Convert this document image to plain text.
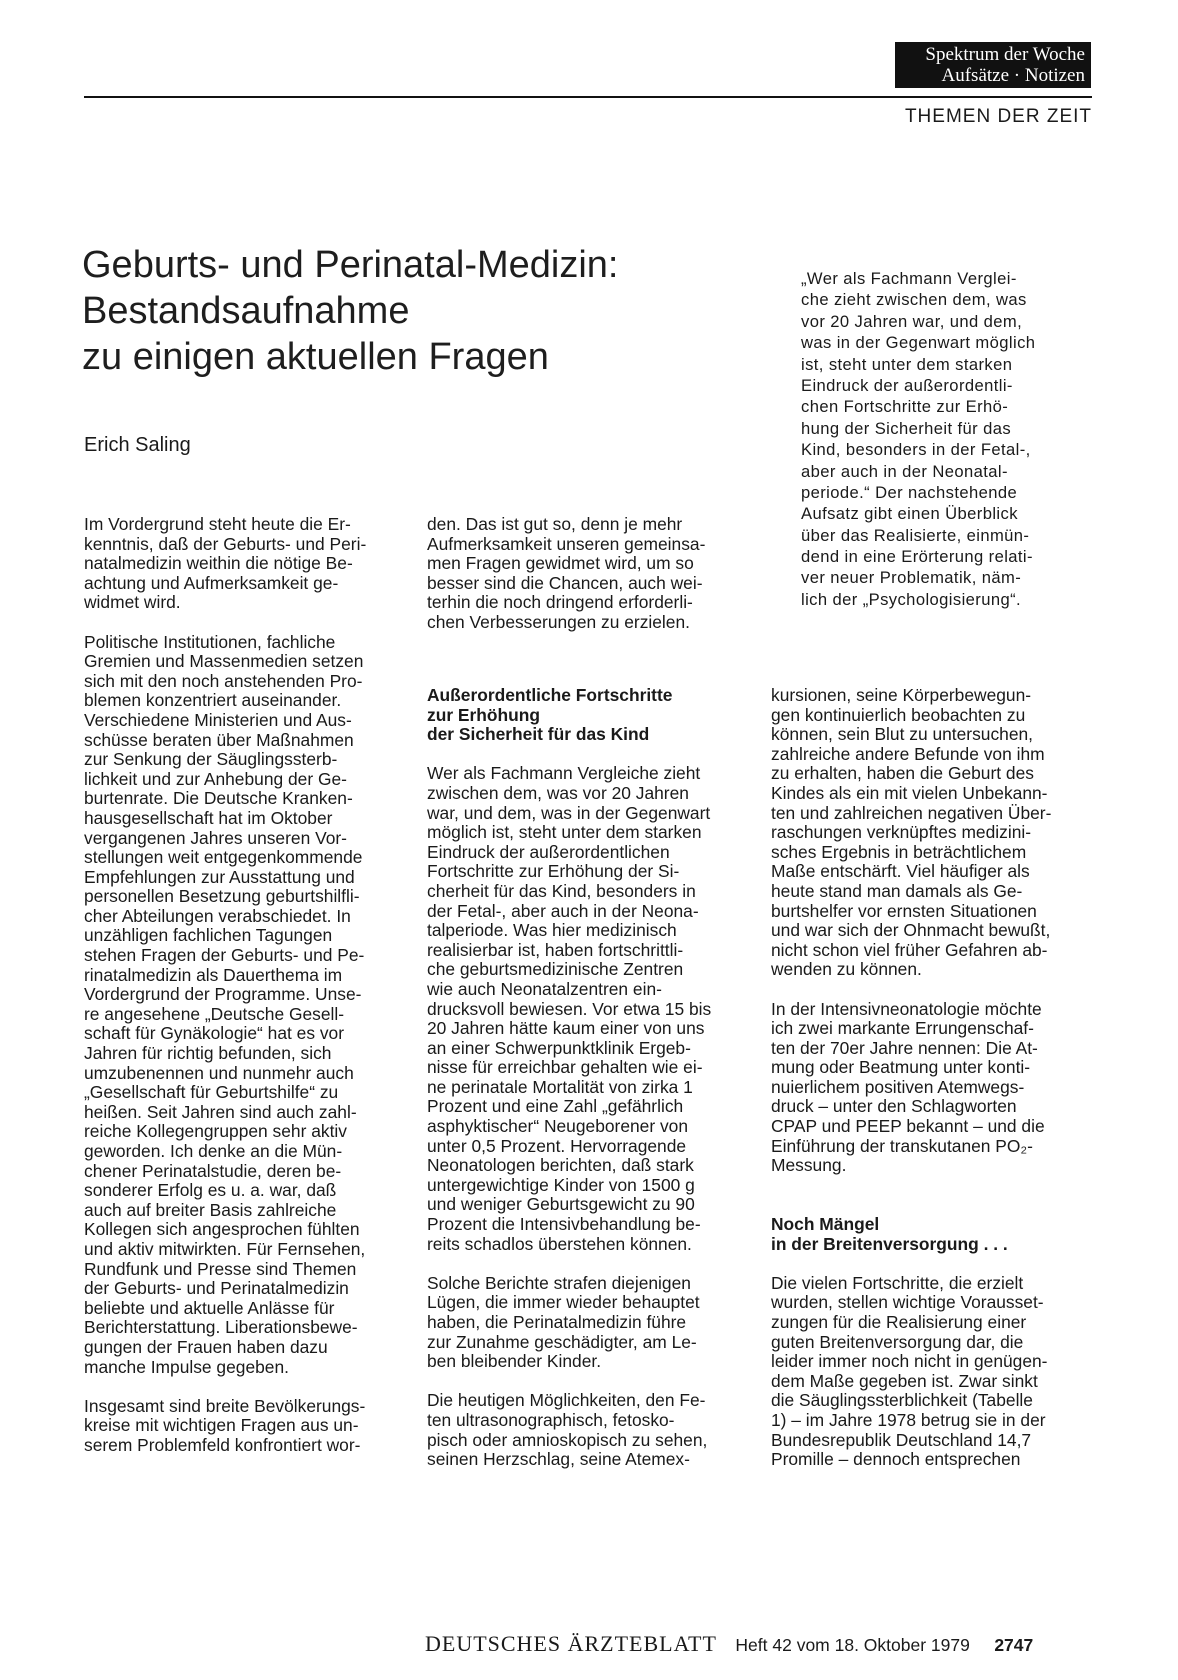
Spektrum der Woche
Aufsätze · Notizen
THEMEN DER ZEIT
Geburts- und Perinatal-Medizin:
Bestandsaufnahme
zu einigen aktuellen Fragen
Erich Saling
„Wer als Fachmann Verglei-
che zieht zwischen dem, was
vor 20 Jahren war, und dem,
was in der Gegenwart möglich
ist, steht unter dem starken
Eindruck der außerordentli-
chen Fortschritte zur Erhö-
hung der Sicherheit für das
Kind, besonders in der Fetal-,
aber auch in der Neonatal-
periode.“ Der nachstehende
Aufsatz gibt einen Überblick
über das Realisierte, einmün-
dend in eine Erörterung relati-
ver neuer Problematik, näm-
lich der „Psychologisierung“.
Im Vordergrund steht heute die Er-
kenntnis, daß der Geburts- und Peri-
natalmedizin weithin die nötige Be-
achtung und Aufmerksamkeit ge-
widmet wird.
Politische Institutionen, fachliche
Gremien und Massenmedien setzen
sich mit den noch anstehenden Pro-
blemen konzentriert auseinander.
Verschiedene Ministerien und Aus-
schüsse beraten über Maßnahmen
zur Senkung der Säuglingssterb-
lichkeit und zur Anhebung der Ge-
burtenrate. Die Deutsche Kranken-
hausgesellschaft hat im Oktober
vergangenen Jahres unseren Vor-
stellungen weit entgegenkommende
Empfehlungen zur Ausstattung und
personellen Besetzung geburtshilfli-
cher Abteilungen verabschiedet. In
unzähligen fachlichen Tagungen
stehen Fragen der Geburts- und Pe-
rinatalmedizin als Dauerthema im
Vordergrund der Programme. Unse-
re angesehene „Deutsche Gesell-
schaft für Gynäkologie“ hat es vor
Jahren für richtig befunden, sich
umzubenennen und nunmehr auch
„Gesellschaft für Geburtshilfe“ zu
heißen. Seit Jahren sind auch zahl-
reiche Kollegengruppen sehr aktiv
geworden. Ich denke an die Mün-
chener Perinatalstudie, deren be-
sonderer Erfolg es u. a. war, daß
auch auf breiter Basis zahlreiche
Kollegen sich angesprochen fühlten
und aktiv mitwirkten. Für Fernsehen,
Rundfunk und Presse sind Themen
der Geburts- und Perinatalmedizin
beliebte und aktuelle Anlässe für
Berichterstattung. Liberationsbewe-
gungen der Frauen haben dazu
manche Impulse gegeben.
Insgesamt sind breite Bevölkerungs-
kreise mit wichtigen Fragen aus un-
serem Problemfeld konfrontiert wor-
den. Das ist gut so, denn je mehr
Aufmerksamkeit unseren gemeinsa-
men Fragen gewidmet wird, um so
besser sind die Chancen, auch wei-
terhin die noch dringend erforderli-
chen Verbesserungen zu erzielen.
Außerordentliche Fortschritte
zur Erhöhung
der Sicherheit für das Kind
Wer als Fachmann Vergleiche zieht
zwischen dem, was vor 20 Jahren
war, und dem, was in der Gegenwart
möglich ist, steht unter dem starken
Eindruck der außerordentlichen
Fortschritte zur Erhöhung der Si-
cherheit für das Kind, besonders in
der Fetal-, aber auch in der Neona-
talperiode. Was hier medizinisch
realisierbar ist, haben fortschrittli-
che geburtsmedizinische Zentren
wie auch Neonatalzentren ein-
drucksvoll bewiesen. Vor etwa 15 bis
20 Jahren hätte kaum einer von uns
an einer Schwerpunktklinik Ergeb-
nisse für erreichbar gehalten wie ei-
ne perinatale Mortalität von zirka 1
Prozent und eine Zahl „gefährlich
asphyktischer“ Neugeborener von
unter 0,5 Prozent. Hervorragende
Neonatologen berichten, daß stark
untergewichtige Kinder von 1500 g
und weniger Geburtsgewicht zu 90
Prozent die Intensivbehandlung be-
reits schadlos überstehen können.
Solche Berichte strafen diejenigen
Lügen, die immer wieder behauptet
haben, die Perinatalmedizin führe
zur Zunahme geschädigter, am Le-
ben bleibender Kinder.
Die heutigen Möglichkeiten, den Fe-
ten ultrasonographisch, fetosko-
pisch oder amnioskopisch zu sehen,
seinen Herzschlag, seine Atemex-
kursionen, seine Körperbewegun-
gen kontinuierlich beobachten zu
können, sein Blut zu untersuchen,
zahlreiche andere Befunde von ihm
zu erhalten, haben die Geburt des
Kindes als ein mit vielen Unbekann-
ten und zahlreichen negativen Über-
raschungen verknüpftes medizini-
sches Ergebnis in beträchtlichem
Maße entschärft. Viel häufiger als
heute stand man damals als Ge-
burtshelfer vor ernsten Situationen
und war sich der Ohnmacht bewußt,
nicht schon viel früher Gefahren ab-
wenden zu können.
In der Intensivneonatologie möchte
ich zwei markante Errungenschaf-
ten der 70er Jahre nennen: Die At-
mung oder Beatmung unter konti-
nuierlichem positiven Atemwegs-
druck – unter den Schlagworten
CPAP und PEEP bekannt – und die
Einführung der transkutanen PO₂-
Messung.
Noch Mängel
in der Breitenversorgung . . .
Die vielen Fortschritte, die erzielt
wurden, stellen wichtige Vorausset-
zungen für die Realisierung einer
guten Breitenversorgung dar, die
leider immer noch nicht in genügen-
dem Maße gegeben ist. Zwar sinkt
die Säuglingssterblichkeit (Tabelle
1) – im Jahre 1978 betrug sie in der
Bundesrepublik Deutschland 14,7
Promille – dennoch entsprechen
DEUTSCHES ÄRZTEBLATT Heft 42 vom 18. Oktober 1979 2747
